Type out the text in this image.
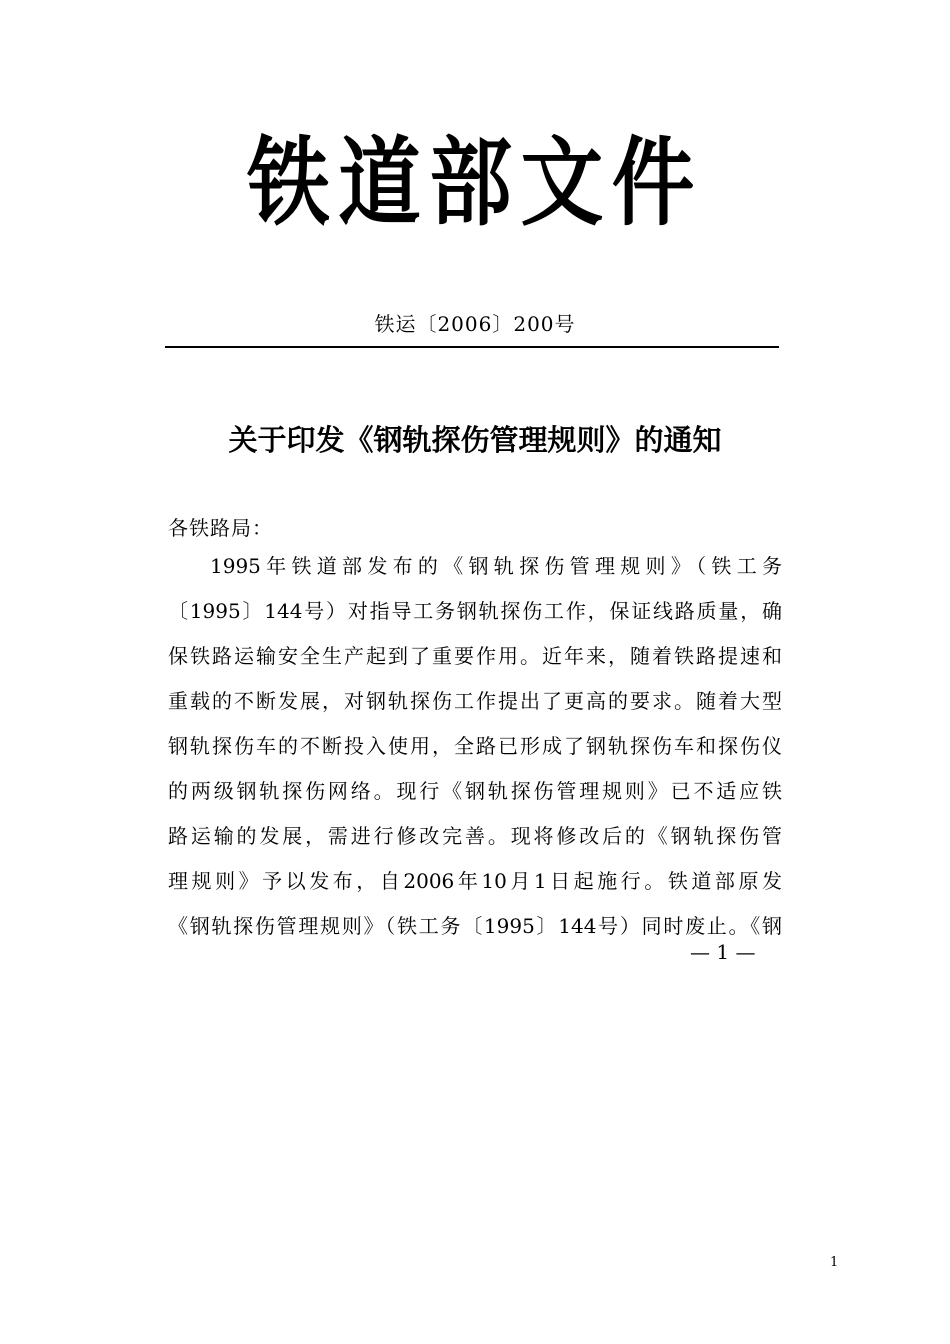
铁道部文件
铁运〔2006〕200号
关于印发《钢轨探伤管理规则》的通知
各铁路局：
1995年铁道部发布的《钢轨探伤管理规则》（铁工务
〔1995〕144号）对指导工务钢轨探伤工作，保证线路质量，确
保铁路运输安全生产起到了重要作用。近年来，随着铁路提速和
重载的不断发展，对钢轨探伤工作提出了更高的要求。随着大型
钢轨探伤车的不断投入使用，全路已形成了钢轨探伤车和探伤仪
的两级钢轨探伤网络。现行《钢轨探伤管理规则》已不适应铁
路运输的发展，需进行修改完善。现将修改后的《钢轨探伤管
理规则》予以发布，自2006年10月1日起施行。铁道部原发
《钢轨探伤管理规则》（铁工务〔1995〕144号）同时废止。《钢
— 1 —
1
